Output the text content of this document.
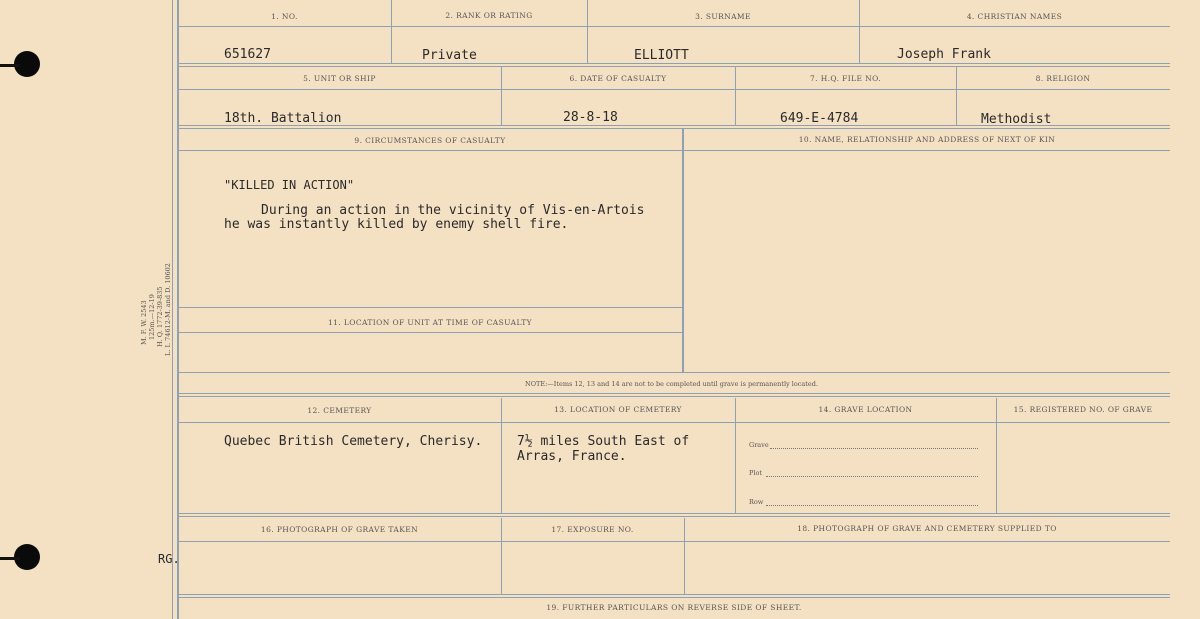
M. F. W. 2543 125m.—12-19 H. Q. 1772-39-835 L. I. 74612-M. and D. 10602
RG.
1. NO.	2. RANK OR RATING	3. SURNAME	4. CHRISTIAN NAMES
651627	Private	ELLIOTT	Joseph Frank
5. UNIT OR SHIP	6. DATE OF CASUALTY	7. H.Q. FILE NO.	8. RELIGION
18th. Battalion	28-8-18	649-E-4784	Methodist
9. CIRCUMSTANCES OF CASUALTY	10. NAME, RELATIONSHIP AND ADDRESS OF NEXT OF KIN
11. LOCATION OF UNIT AT TIME OF CASUALTY
"KILLED IN ACTION"
During an action in the vicinity of Vis-en-Artois
he was instantly killed by enemy shell fire.
NOTE:—Items 12, 13 and 14 are not to be completed until grave is permanently located.
12. CEMETERY	13. LOCATION OF CEMETERY	14. GRAVE LOCATION	15. REGISTERED NO. OF GRAVE
Quebec British Cemetery, Cherisy.	7½ miles South East of
Arras, France.
Grave
Plot
Row
16. PHOTOGRAPH OF GRAVE TAKEN	17. EXPOSURE NO.	18. PHOTOGRAPH OF GRAVE AND CEMETERY SUPPLIED TO
19. FURTHER PARTICULARS ON REVERSE SIDE OF SHEET.
